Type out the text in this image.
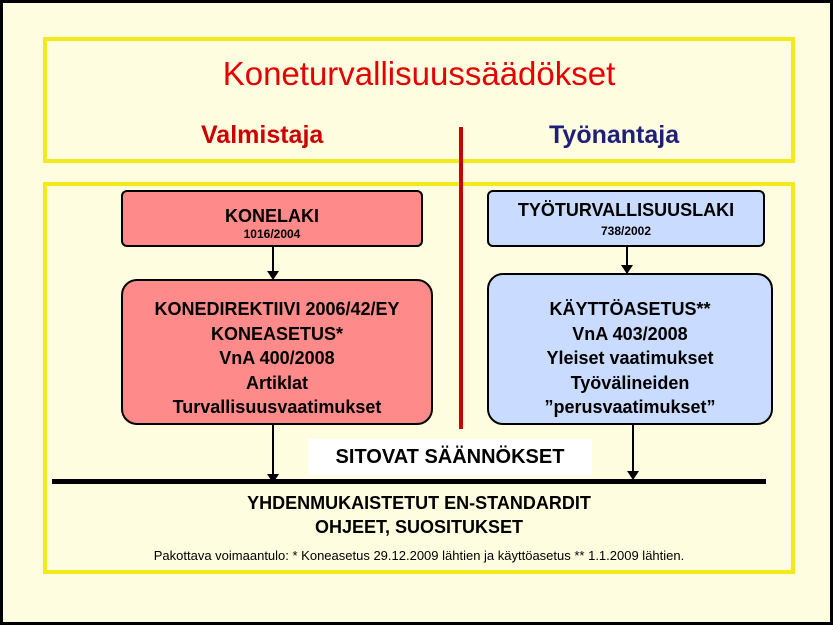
Koneturvallisuussäädökset
Valmistaja	Työnantaja
KONELAKI
1016/2004
TYÖTURVALLISUUSLAKI
738/2002
KONEDIREKTIIVI 2006/42/EY
KONEASETUS*
VnA 400/2008
Artiklat
Turvallisuusvaatimukset
KÄYTTÖASETUS**
VnA 403/2008
Yleiset vaatimukset
Työvälineiden
”perusvaatimukset”
SITOVAT SÄÄNNÖKSET
YHDENMUKAISTETUT EN-STANDARDIT
OHJEET, SUOSITUKSET
Pakottava voimaantulo: * Koneasetus 29.12.2009 lähtien ja käyttöasetus ** 1.1.2009 lähtien.
